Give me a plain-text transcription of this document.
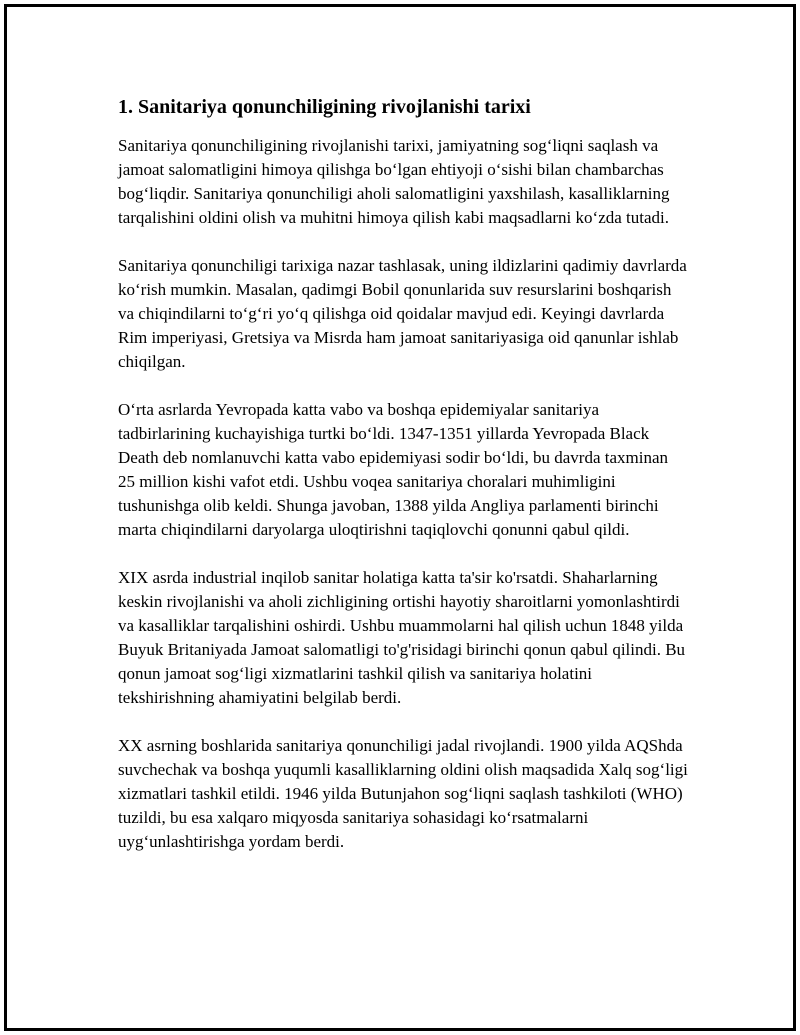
1. Sanitariya qonunchiligining rivojlanishi tarixi

Sanitariya qonunchiligining rivojlanishi tarixi, jamiyatning sog‘liqni saqlash va jamoat salomatligini himoya qilishga bo‘lgan ehtiyoji o‘sishi bilan chambarchas bog‘liqdir. Sanitariya qonunchiligi aholi salomatligini yaxshilash, kasalliklarning tarqalishini oldini olish va muhitni himoya qilish kabi maqsadlarni ko‘zda tutadi.

Sanitariya qonunchiligi tarixiga nazar tashlasak, uning ildizlarini qadimiy davrlarda ko‘rish mumkin. Masalan, qadimgi Bobil qonunlarida suv resurslarini boshqarish va chiqindilarni to‘g‘ri yo‘q qilishga oid qoidalar mavjud edi. Keyingi davrlarda Rim imperiyasi, Gretsiya va Misrda ham jamoat sanitariyasiga oid qanunlar ishlab chiqilgan.

O‘rta asrlarda Yevropada katta vabo va boshqa epidemiyalar sanitariya tadbirlarining kuchayishiga turtki bo‘ldi. 1347-1351 yillarda Yevropada Black Death deb nomlanuvchi katta vabo epidemiyasi sodir bo‘ldi, bu davrda taxminan 25 million kishi vafot etdi. Ushbu voqea sanitariya choralari muhimligini tushunishga olib keldi. Shunga javoban, 1388 yilda Angliya parlamenti birinchi marta chiqindilarni daryolarga uloqtirishni taqiqlovchi qonunni qabul qildi.

XIX asrda industrial inqilob sanitar holatiga katta ta'sir ko'rsatdi. Shaharlarning keskin rivojlanishi va aholi zichligining ortishi hayotiy sharoitlarni yomonlashtirdi va kasalliklar tarqalishini oshirdi. Ushbu muammolarni hal qilish uchun 1848 yilda Buyuk Britaniyada Jamoat salomatligi to'g'risidagi birinchi qonun qabul qilindi. Bu qonun jamoat sog‘ligi xizmatlarini tashkil qilish va sanitariya holatini tekshirishning ahamiyatini belgilab berdi.

XX asrning boshlarida sanitariya qonunchiligi jadal rivojlandi. 1900 yilda AQShda suvchechak va boshqa yuqumli kasalliklarning oldini olish maqsadida Xalq sog‘ligi xizmatlari tashkil etildi. 1946 yilda Butunjahon sog‘liqni saqlash tashkiloti (WHO) tuzildi, bu esa xalqaro miqyosda sanitariya sohasidagi ko‘rsatmalarni uyg‘unlashtirishga yordam berdi.
